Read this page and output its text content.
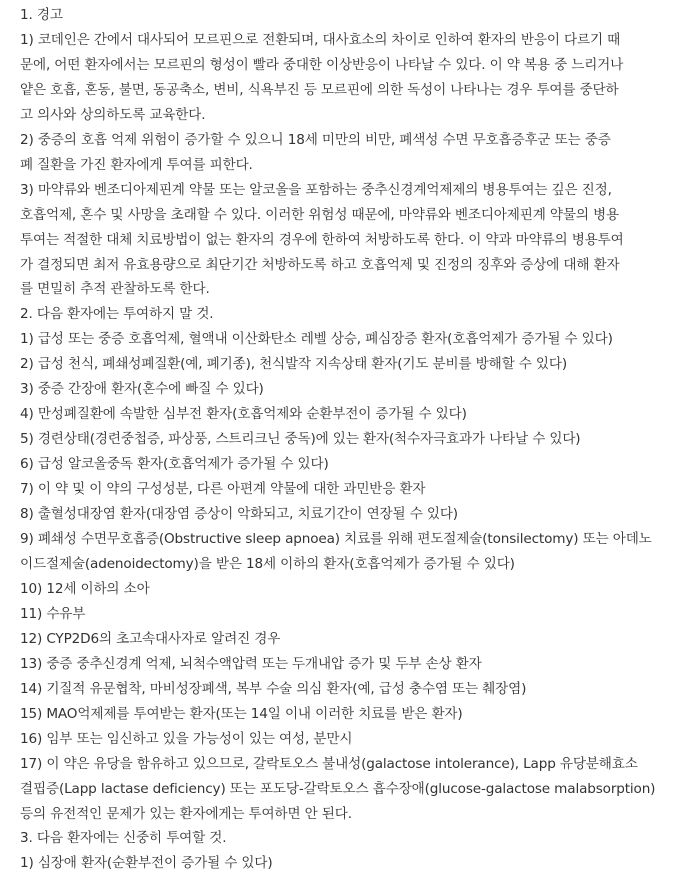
1. 경고
1) 코데인은 간에서 대사되어 모르핀으로 전환되며, 대사효소의 차이로 인하여 환자의 반응이 다르기 때
문에, 어떤 환자에서는 모르핀의 형성이 빨라 중대한 이상반응이 나타날 수 있다. 이 약 복용 중 느리거나
얕은 호흡, 혼동, 불면, 동공축소, 변비, 식욕부진 등 모르핀에 의한 독성이 나타나는 경우 투여를 중단하
고 의사와 상의하도록 교육한다.
2) 중증의 호흡 억제 위험이 증가할 수 있으니 18세 미만의 비만, 폐색성 수면 무호흡증후군 또는 중증
폐 질환을 가진 환자에게 투여를 피한다.
3) 마약류와 벤조디아제핀계 약물 또는 알코올을 포함하는 중추신경계억제제의 병용투여는 깊은 진정,
호흡억제, 혼수 및 사망을 초래할 수 있다. 이러한 위험성 때문에, 마약류와 벤조디아제핀계 약물의 병용
투여는 적절한 대체 치료방법이 없는 환자의 경우에 한하여 처방하도록 한다. 이 약과 마약류의 병용투여
가 결정되면 최저 유효용량으로 최단기간 처방하도록 하고 호흡억제 및 진정의 징후와 증상에 대해 환자
를 면밀히 추적 관찰하도록 한다.
2. 다음 환자에는 투여하지 말 것.
1) 급성 또는 중증 호흡억제, 혈액내 이산화탄소 레벨 상승, 폐심장증 환자(호흡억제가 증가될 수 있다)
2) 급성 천식, 폐쇄성폐질환(예, 폐기종), 천식발작 지속상태 환자(기도 분비를 방해할 수 있다)
3) 중증 간장애 환자(혼수에 빠질 수 있다)
4) 만성폐질환에 속발한 심부전 환자(호흡억제와 순환부전이 증가될 수 있다)
5) 경련상태(경련중첩증, 파상풍, 스트리크닌 중독)에 있는 환자(척수자극효과가 나타날 수 있다)
6) 급성 알코올중독 환자(호흡억제가 증가될 수 있다)
7) 이 약 및 이 약의 구성성분, 다른 아편계 약물에 대한 과민반응 환자
8) 출혈성대장염 환자(대장염 증상이 악화되고, 치료기간이 연장될 수 있다)
9) 폐쇄성 수면무호흡증(Obstructive sleep apnoea) 치료를 위해 편도절제술(tonsilectomy) 또는 아데노
이드절제술(adenoidectomy)을 받은 18세 이하의 환자(호흡억제가 증가될 수 있다)
10) 12세 이하의 소아
11) 수유부
12) CYP2D6의 초고속대사자로 알려진 경우
13) 중증 중추신경계 억제, 뇌척수액압력 또는 두개내압 증가 및 두부 손상 환자
14) 기질적 유문협착, 마비성장폐색, 복부 수술 의심 환자(예, 급성 충수염 또는 췌장염)
15) MAO억제제를 투여받는 환자(또는 14일 이내 이러한 치료를 받은 환자)
16) 임부 또는 임신하고 있을 가능성이 있는 여성, 분만시
17) 이 약은 유당을 함유하고 있으므로, 갈락토오스 불내성(galactose intolerance), Lapp 유당분해효소
결핍증(Lapp lactase deficiency) 또는 포도당-갈락토오스 흡수장애(glucose-galactose malabsorption)
등의 유전적인 문제가 있는 환자에게는 투여하면 안 된다.
3. 다음 환자에는 신중히 투여할 것.
1) 심장애 환자(순환부전이 증가될 수 있다)
